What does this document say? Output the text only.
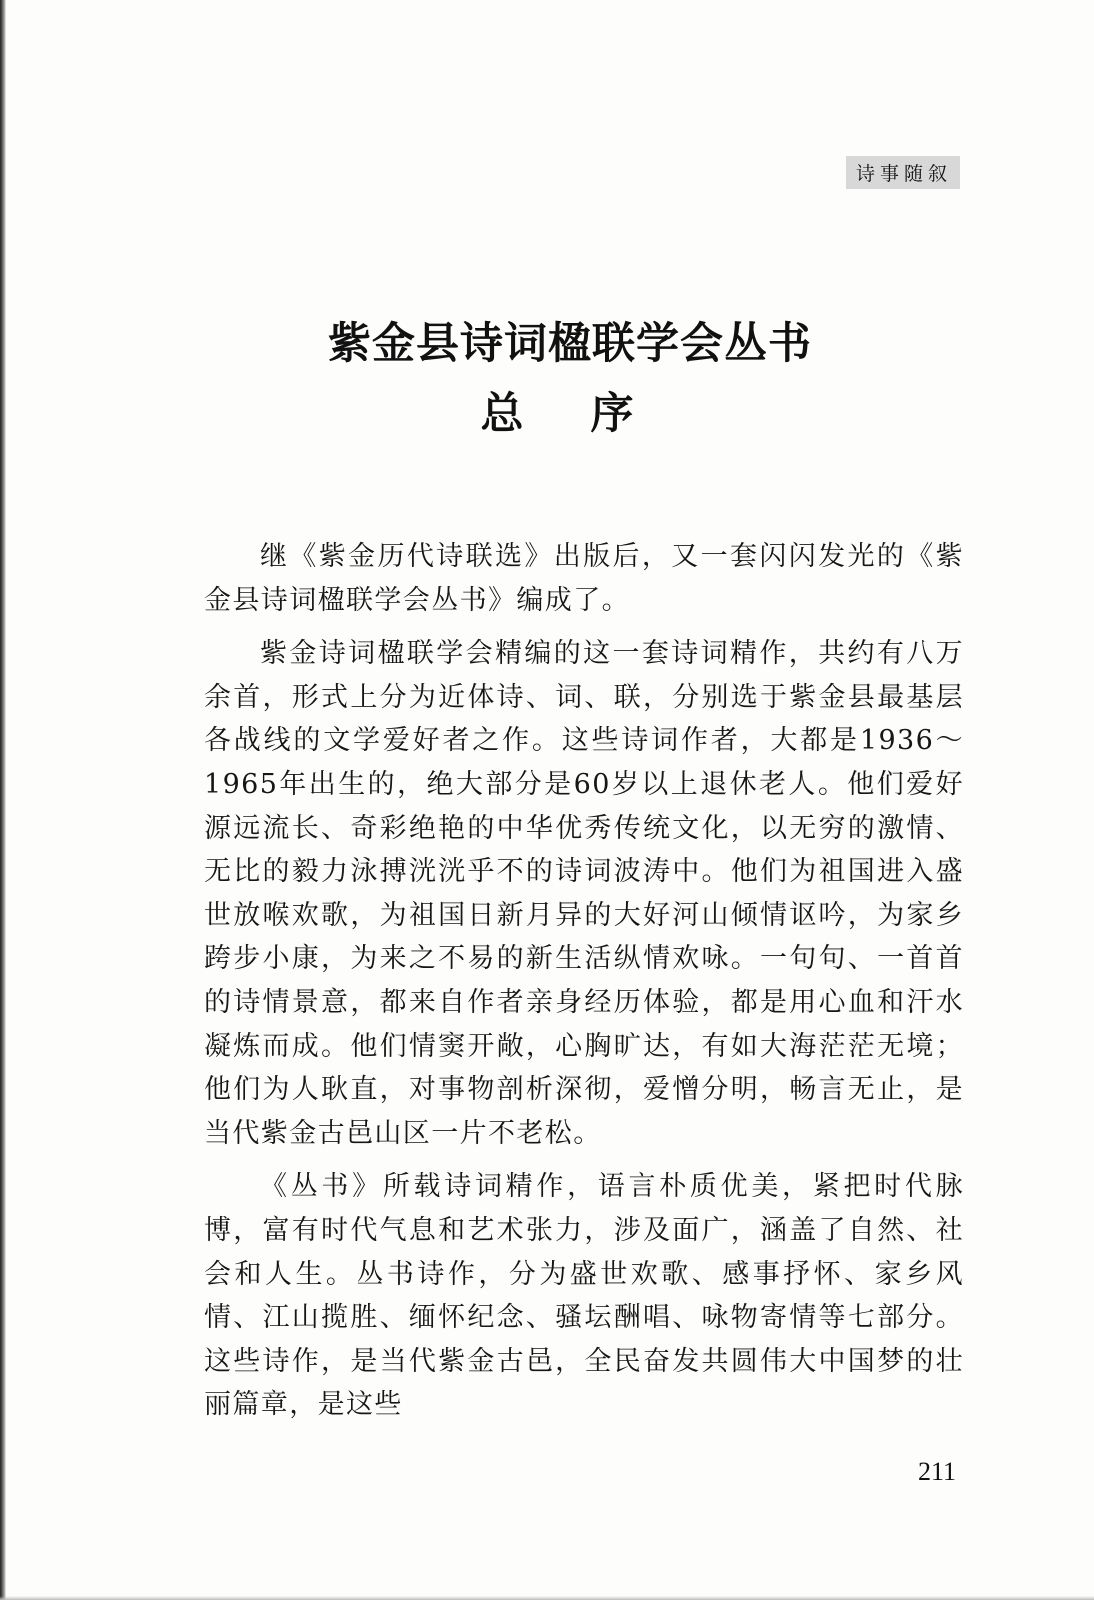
诗事随叙
紫金县诗词楹联学会丛书
总 序

继《紫金历代诗联选》出版后，又一套闪闪发光的《紫金县诗词楹联学会丛书》编成了。

紫金诗词楹联学会精编的这一套诗词精作，共约有八万余首，形式上分为近体诗、词、联，分别选于紫金县最基层各战线的文学爱好者之作。这些诗词作者，大都是1936～1965年出生的，绝大部分是60岁以上退休老人。他们爱好源远流长、奇彩绝艳的中华优秀传统文化，以无穷的激情、无比的毅力泳搏洸洸乎不的诗词波涛中。他们为祖国进入盛世放喉欢歌，为祖国日新月异的大好河山倾情讴吟，为家乡跨步小康，为来之不易的新生活纵情欢咏。一句句、一首首的诗情景意，都来自作者亲身经历体验，都是用心血和汗水凝炼而成。他们情窦开敞，心胸旷达，有如大海茫茫无境；他们为人耿直，对事物剖析深彻，爱憎分明，畅言无止，是当代紫金古邑山区一片不老松。

《丛书》所载诗词精作，语言朴质优美，紧把时代脉博，富有时代气息和艺术张力，涉及面广，涵盖了自然、社会和人生。丛书诗作，分为盛世欢歌、感事抒怀、家乡风情、江山揽胜、缅怀纪念、骚坛酬唱、咏物寄情等七部分。这些诗作，是当代紫金古邑，全民奋发共圆伟大中国梦的壮丽篇章，是这些

211
